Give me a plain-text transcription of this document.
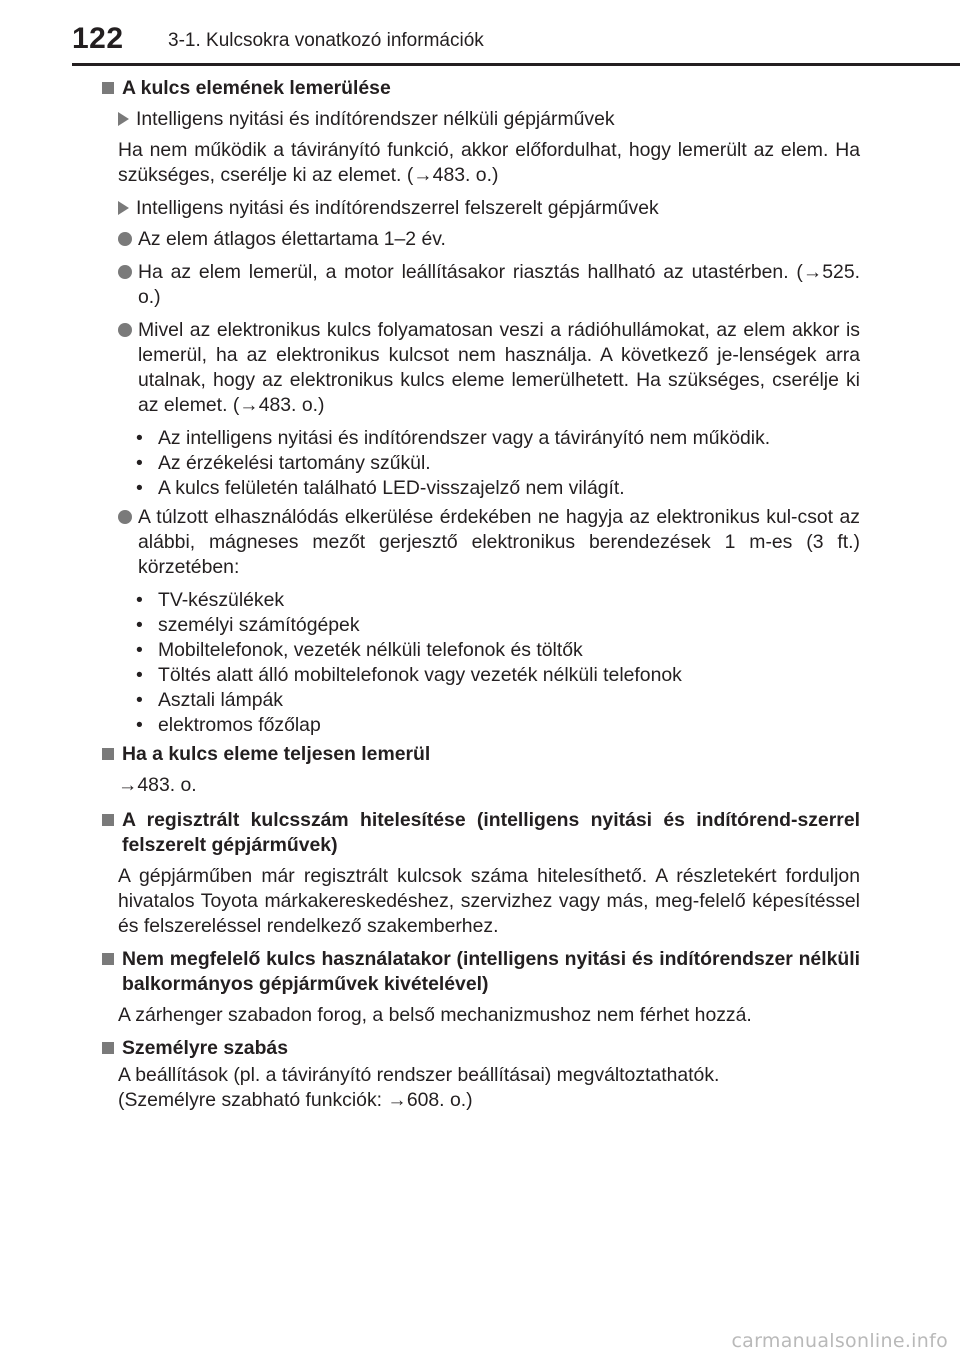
122 3-1. Kulcsokra vonatkozó információk
A kulcs elemének lemerülése
Intelligens nyitási és indítórendszer nélküli gépjárművek
Ha nem működik a távirányító funkció, akkor előfordulhat, hogy lemerült az elem. Ha szükséges, cserélje ki az elemet. (→483. o.)
Intelligens nyitási és indítórendszerrel felszerelt gépjárművek
Az elem átlagos élettartama 1–2 év.
Ha az elem lemerül, a motor leállításakor riasztás hallható az utastérben. (→525. o.)
Mivel az elektronikus kulcs folyamatosan veszi a rádióhullámokat, az elem akkor is lemerül, ha az elektronikus kulcsot nem használja. A következő je-lenségek arra utalnak, hogy az elektronikus kulcs eleme lemerülhetett. Ha szükséges, cserélje ki az elemet. (→483. o.)
• Az intelligens nyitási és indítórendszer vagy a távirányító nem működik.
• Az érzékelési tartomány szűkül.
• A kulcs felületén található LED-visszajelző nem világít.
A túlzott elhasználódás elkerülése érdekében ne hagyja az elektronikus kul-csot az alábbi, mágneses mezőt gerjesztő elektronikus berendezések 1 m-es (3 ft.) körzetében:
• TV-készülékek
• személyi számítógépek
• Mobiltelefonok, vezeték nélküli telefonok és töltők
• Töltés alatt álló mobiltelefonok vagy vezeték nélküli telefonok
• Asztali lámpák
• elektromos főzőlap
Ha a kulcs eleme teljesen lemerül
→483. o.
A regisztrált kulcsszám hitelesítése (intelligens nyitási és indítórend-szerrel felszerelt gépjárművek)
A gépjárműben már regisztrált kulcsok száma hitelesíthető. A részletekért forduljon hivatalos Toyota márkakereskedéshez, szervizhez vagy más, meg-felelő képesítéssel és felszereléssel rendelkező szakemberhez.
Nem megfelelő kulcs használatakor (intelligens nyitási és indítórendszer nélküli balkormányos gépjárművek kivételével)
A zárhenger szabadon forog, a belső mechanizmushoz nem férhet hozzá.
Személyre szabás
A beállítások (pl. a távirányító rendszer beállításai) megváltoztathatók.
(Személyre szabható funkciók: →608. o.)
carmanualsonline.info
